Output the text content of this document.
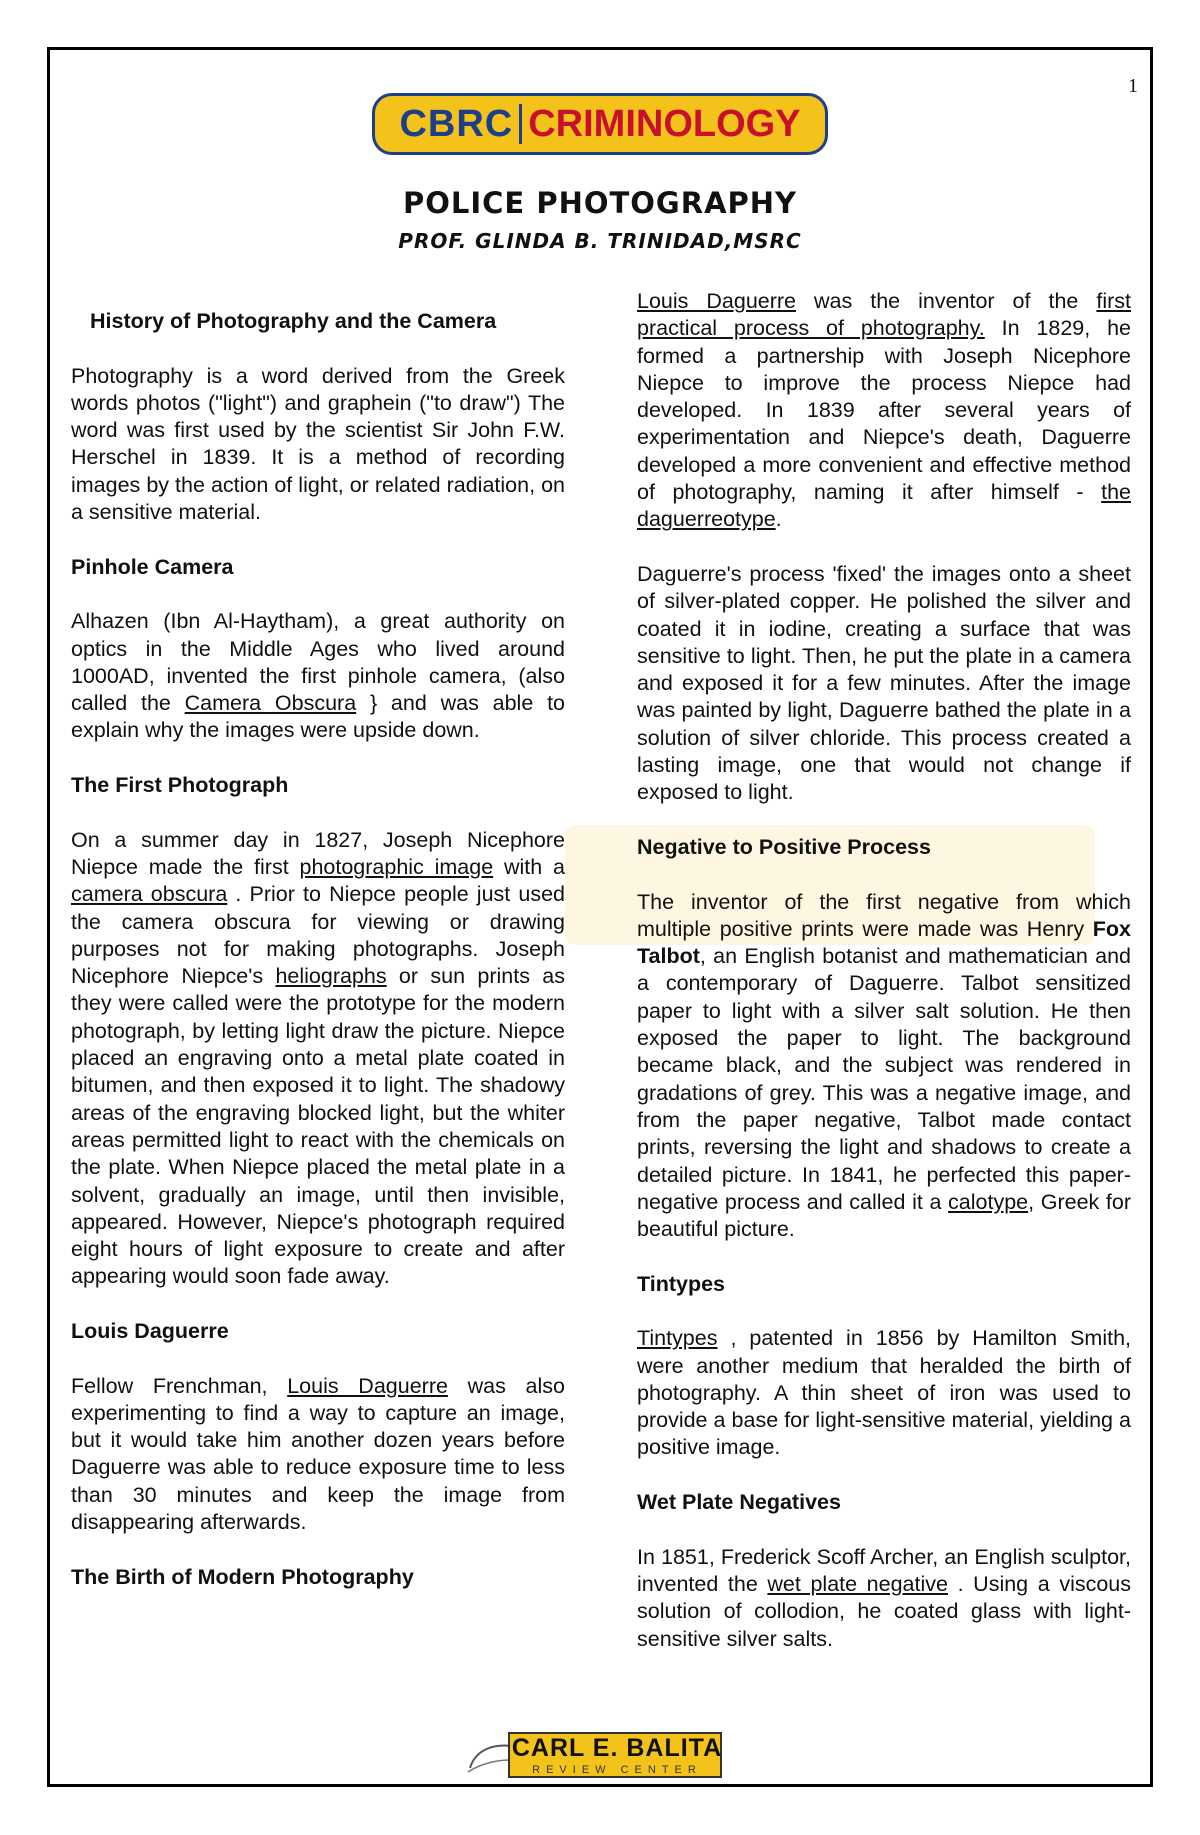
1
CBRC CRIMINOLOGY
POLICE PHOTOGRAPHY
PROF. GLINDA B. TRINIDAD,MSRC
History of Photography and the Camera

Photography is a word derived from the Greek words photos ("light") and graphein ("to draw") The word was first used by the scientist Sir John F.W. Herschel in 1839. It is a method of recording images by the action of light, or related radiation, on a sensitive material.

Pinhole Camera

Alhazen (Ibn Al-Haytham), a great authority on optics in the Middle Ages who lived around 1000AD, invented the first pinhole camera, (also called the Camera Obscura } and was able to explain why the images were upside down.

The First Photograph

On a summer day in 1827, Joseph Nicephore Niepce made the first photographic image with a camera obscura . Prior to Niepce people just used the camera obscura for viewing or drawing purposes not for making photographs. Joseph Nicephore Niepce's heliographs or sun prints as they were called were the prototype for the modern photograph, by letting light draw the picture. Niepce placed an engraving onto a metal plate coated in bitumen, and then exposed it to light. The shadowy areas of the engraving blocked light, but the whiter areas permitted light to react with the chemicals on the plate. When Niepce placed the metal plate in a solvent, gradually an image, until then invisible, appeared. However, Niepce's photograph required eight hours of light exposure to create and after appearing would soon fade away.

Louis Daguerre

Fellow Frenchman, Louis Daguerre was also experimenting to find a way to capture an image, but it would take him another dozen years before Daguerre was able to reduce exposure time to less than 30 minutes and keep the image from disappearing afterwards.

The Birth of Modern Photography

Louis Daguerre was the inventor of the first practical process of photography. In 1829, he formed a partnership with Joseph Nicephore Niepce to improve the process Niepce had developed. In 1839 after several years of experimentation and Niepce's death, Daguerre developed a more convenient and effective method of photography, naming it after himself - the daguerreotype.

Daguerre's process 'fixed' the images onto a sheet of silver-plated copper. He polished the silver and coated it in iodine, creating a surface that was sensitive to light. Then, he put the plate in a camera and exposed it for a few minutes. After the image was painted by light, Daguerre bathed the plate in a solution of silver chloride. This process created a lasting image, one that would not change if exposed to light.

Negative to Positive Process

The inventor of the first negative from which multiple positive prints were made was Henry Fox Talbot, an English botanist and mathematician and a contemporary of Daguerre. Talbot sensitized paper to light with a silver salt solution. He then exposed the paper to light. The background became black, and the subject was rendered in gradations of grey. This was a negative image, and from the paper negative, Talbot made contact prints, reversing the light and shadows to create a detailed picture. In 1841, he perfected this paper-negative process and called it a calotype, Greek for beautiful picture.

Tintypes

Tintypes , patented in 1856 by Hamilton Smith, were another medium that heralded the birth of photography. A thin sheet of iron was used to provide a base for light-sensitive material, yielding a positive image.

Wet Plate Negatives

In 1851, Frederick Scoff Archer, an English sculptor, invented the wet plate negative . Using a viscous solution of collodion, he coated glass with light-sensitive silver salts.

CARL E. BALITA
REVIEW CENTER
